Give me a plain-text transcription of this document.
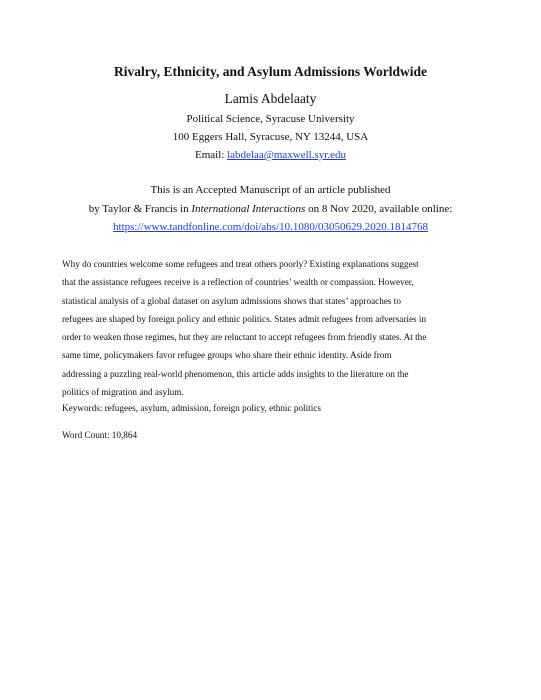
Rivalry, Ethnicity, and Asylum Admissions Worldwide
Lamis Abdelaaty
Political Science, Syracuse University
100 Eggers Hall, Syracuse, NY 13244, USA
Email: labdelaa@maxwell.syr.edu
This is an Accepted Manuscript of an article published
by Taylor & Francis in International Interactions on 8 Nov 2020, available online:
https://www.tandfonline.com/doi/abs/10.1080/03050629.2020.1814768
Why do countries welcome some refugees and treat others poorly? Existing explanations suggest
that the assistance refugees receive is a reflection of countries’ wealth or compassion. However,
statistical analysis of a global dataset on asylum admissions shows that states’ approaches to
refugees are shaped by foreign policy and ethnic politics. States admit refugees from adversaries in
order to weaken those regimes, but they are reluctant to accept refugees from friendly states. At the
same time, policymakers favor refugee groups who share their ethnic identity. Aside from
addressing a puzzling real-world phenomenon, this article adds insights to the literature on the
politics of migration and asylum.
Keywords: refugees, asylum, admission, foreign policy, ethnic politics
Word Count: 10,864
